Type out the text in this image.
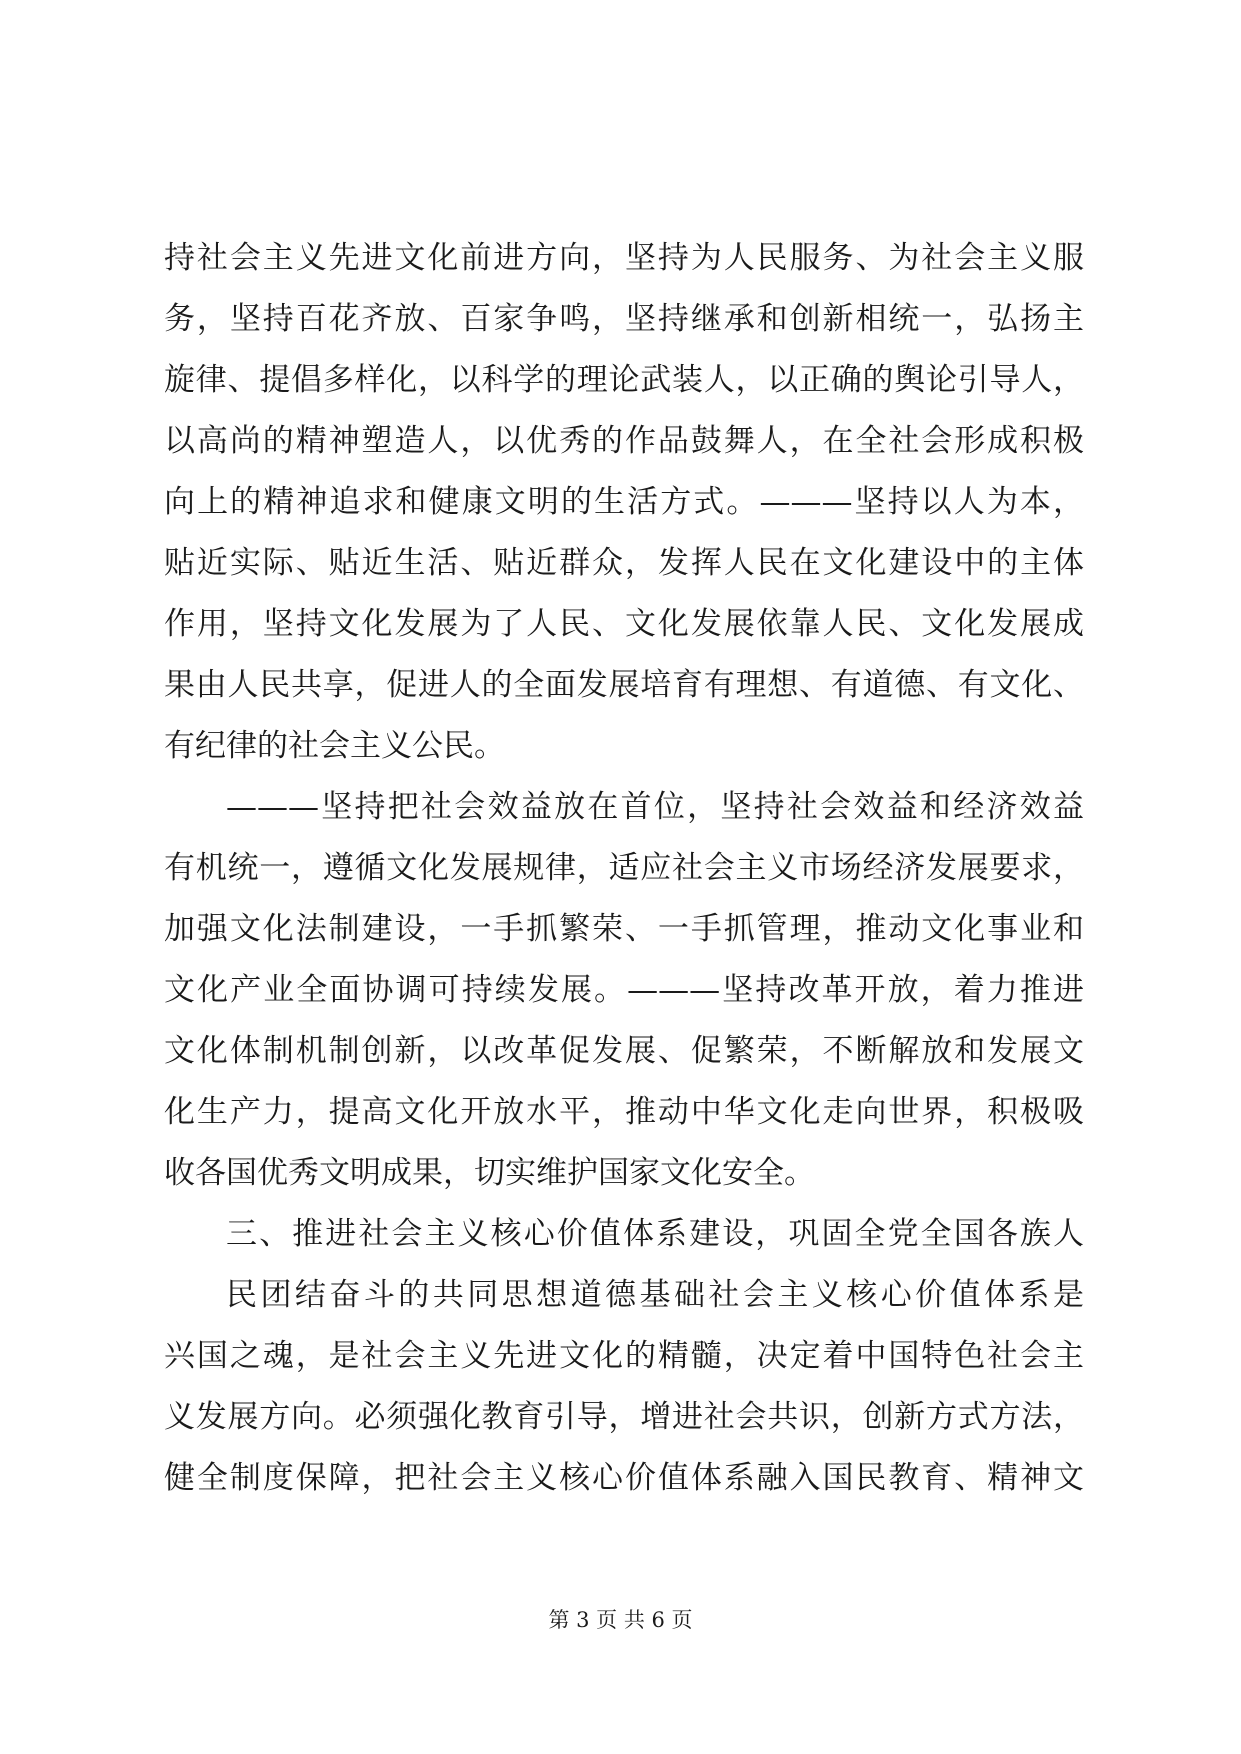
持社会主义先进文化前进方向，坚持为人民服务、为社会主义服
务，坚持百花齐放、百家争鸣，坚持继承和创新相统一，弘扬主
旋律、提倡多样化，以科学的理论武装人，以正确的舆论引导人，
以高尚的精神塑造人，以优秀的作品鼓舞人，在全社会形成积极
向上的精神追求和健康文明的生活方式。———坚持以人为本，
贴近实际、贴近生活、贴近群众，发挥人民在文化建设中的主体
作用，坚持文化发展为了人民、文化发展依靠人民、文化发展成
果由人民共享，促进人的全面发展培育有理想、有道德、有文化、
有纪律的社会主义公民。
———坚持把社会效益放在首位，坚持社会效益和经济效益
有机统一，遵循文化发展规律，适应社会主义市场经济发展要求，
加强文化法制建设，一手抓繁荣、一手抓管理，推动文化事业和
文化产业全面协调可持续发展。———坚持改革开放，着力推进
文化体制机制创新，以改革促发展、促繁荣，不断解放和发展文
化生产力，提高文化开放水平，推动中华文化走向世界，积极吸
收各国优秀文明成果，切实维护国家文化安全。
三、推进社会主义核心价值体系建设，巩固全党全国各族人
民团结奋斗的共同思想道德基础社会主义核心价值体系是
兴国之魂，是社会主义先进文化的精髓，决定着中国特色社会主
义发展方向。必须强化教育引导，增进社会共识，创新方式方法，
健全制度保障，把社会主义核心价值体系融入国民教育、精神文
第 3 页 共 6 页
